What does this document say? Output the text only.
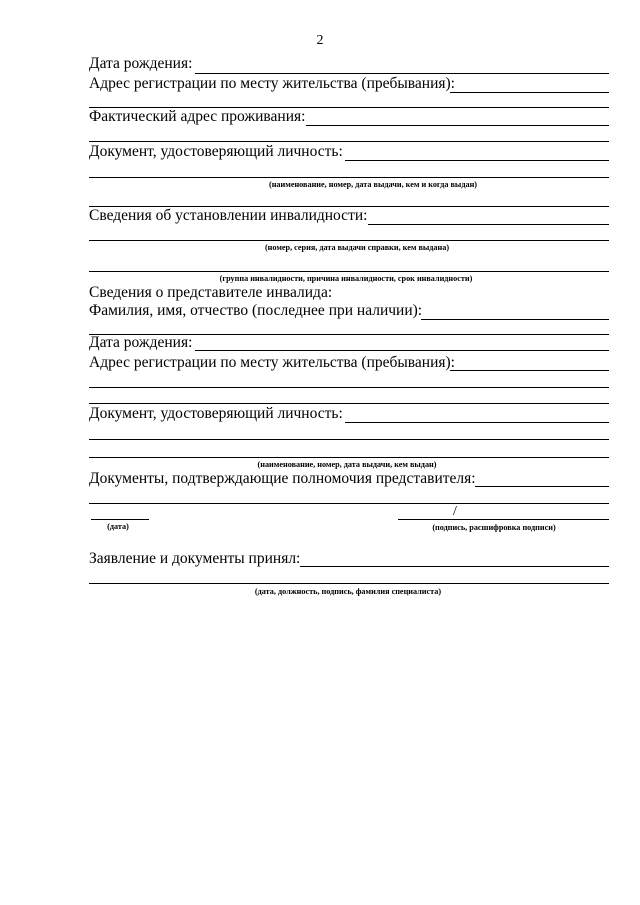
2
Дата рождения:
Адрес регистрации по месту жительства (пребывания):
Фактический адрес проживания:
Документ, удостоверяющий личность:
(наименование, номер, дата выдачи, кем и когда выдан)
Сведения об установлении инвалидности:
(номер, серия, дата выдачи справки, кем выдана)
(группа инвалидности, причина инвалидности, срок инвалидности)
Сведения о представителе инвалида:
Фамилия, имя, отчество (последнее при наличии):
Дата рождения:
Адрес регистрации по месту жительства (пребывания):
Документ, удостоверяющий личность:
(наименование, номер, дата выдачи, кем выдан)
Документы, подтверждающие полномочия представителя:
(дата)
/
(подпись, расшифровка подписи)
Заявление и документы принял:
(дата, должность, подпись, фамилия специалиста)
